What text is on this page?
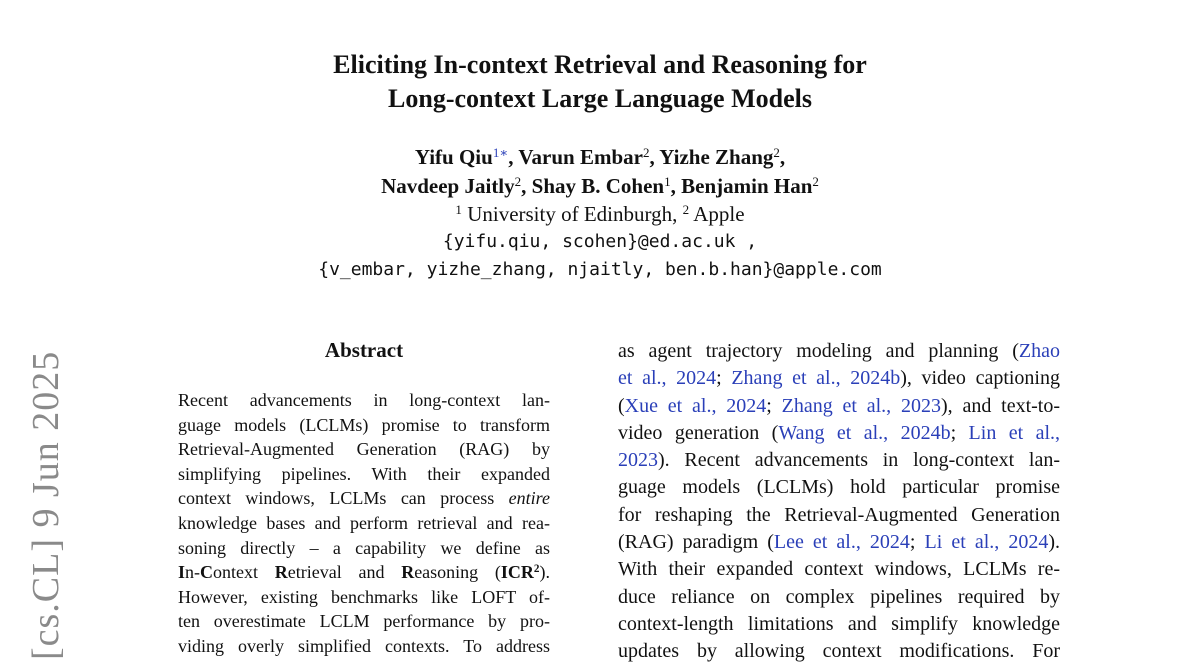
[cs.CL] 9 Jun 2025
Eliciting In-context Retrieval and Reasoning for
Long-context Large Language Models
Yifu Qiu$^{1∗}$, Varun Embar$^2$, Yizhe Zhang$^2$,
Navdeep Jaitly$^2$, Shay B. Cohen$^1$, Benjamin Han$^2$
$^1$ University of Edinburgh, $^2$ Apple
{yifu.qiu, scohen}@ed.ac.uk ,
{v_embar, yizhe_zhang, njaitly, ben.b.han}@apple.com
Abstract
Recent advancements in long-context lan-
guage models (LCLMs) promise to transform
Retrieval-Augmented Generation (RAG) by
simplifying pipelines. With their expanded
context windows, LCLMs can process entire
knowledge bases and perform retrieval and rea-
soning directly – a capability we define as
In-Context Retrieval and Reasoning (ICR$^2$).
However, existing benchmarks like LOFT of-
ten overestimate LCLM performance by pro-
viding overly simplified contexts. To address
as agent trajectory modeling and planning (Zhao
et al., 2024; Zhang et al., 2024b), video captioning
(Xue et al., 2024; Zhang et al., 2023), and text-to-
video generation (Wang et al., 2024b; Lin et al.,
2023). Recent advancements in long-context lan-
guage models (LCLMs) hold particular promise
for reshaping the Retrieval-Augmented Generation
(RAG) paradigm (Lee et al., 2024; Li et al., 2024).
With their expanded context windows, LCLMs re-
duce reliance on complex pipelines required by
context-length limitations and simplify knowledge
updates by allowing context modifications. For
